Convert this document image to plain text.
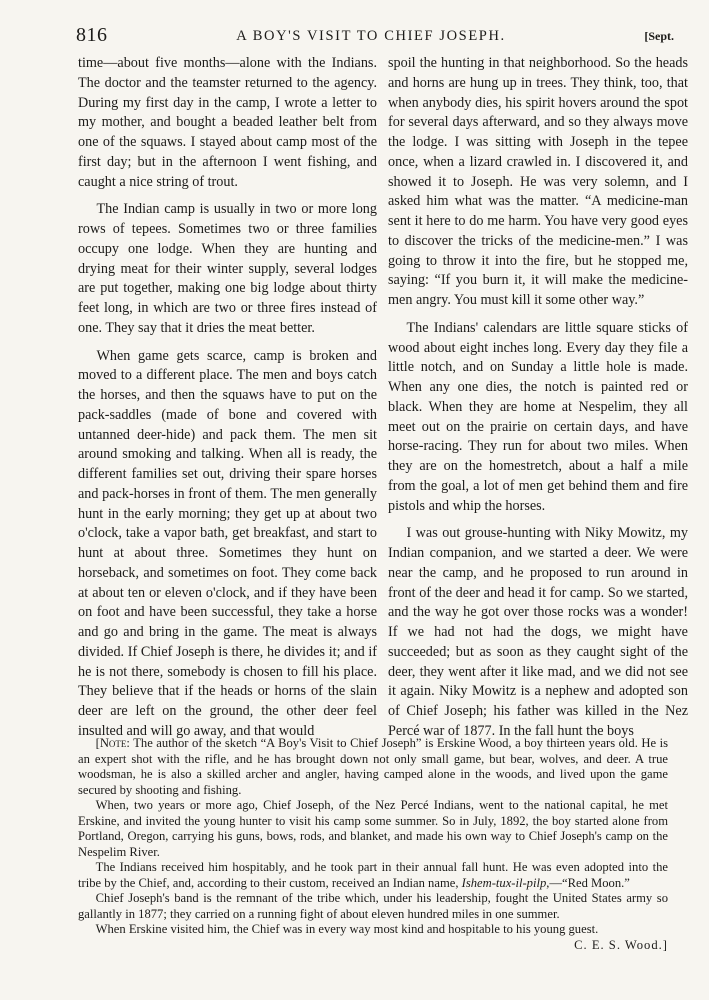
816	A BOY'S VISIT TO CHIEF JOSEPH.	[Sept.

time—about five months—alone with the Indians. The doctor and the teamster returned to the agency. During my first day in the camp, I wrote a letter to my mother, and bought a beaded leather belt from one of the squaws. I stayed about camp most of the first day; but in the afternoon I went fishing, and caught a nice string of trout.

The Indian camp is usually in two or more long rows of tepees. Sometimes two or three families occupy one lodge. When they are hunting and drying meat for their winter supply, several lodges are put together, making one big lodge about thirty feet long, in which are two or three fires instead of one. They say that it dries the meat better.

When game gets scarce, camp is broken and moved to a different place. The men and boys catch the horses, and then the squaws have to put on the pack-saddles (made of bone and covered with untanned deer-hide) and pack them. The men sit around smoking and talking. When all is ready, the different families set out, driving their spare horses and pack-horses in front of them. The men generally hunt in the early morning; they get up at about two o'clock, take a vapor bath, get breakfast, and start to hunt at about three. Sometimes they hunt on horseback, and sometimes on foot. They come back at about ten or eleven o'clock, and if they have been on foot and have been successful, they take a horse and go and bring in the game. The meat is always divided. If Chief Joseph is there, he divides it; and if he is not there, somebody is chosen to fill his place. They believe that if the heads or horns of the slain deer are left on the ground, the other deer feel insulted and will go away, and that would

spoil the hunting in that neighborhood. So the heads and horns are hung up in trees. They think, too, that when anybody dies, his spirit hovers around the spot for several days afterward, and so they always move the lodge. I was sitting with Joseph in the tepee once, when a lizard crawled in. I discovered it, and showed it to Joseph. He was very solemn, and I asked him what was the matter. “A medicine-man sent it here to do me harm. You have very good eyes to discover the tricks of the medicine-men.” I was going to throw it into the fire, but he stopped me, saying: “If you burn it, it will make the medicine-men angry. You must kill it some other way.”

The Indians' calendars are little square sticks of wood about eight inches long. Every day they file a little notch, and on Sunday a little hole is made. When any one dies, the notch is painted red or black. When they are home at Nespelim, they all meet out on the prairie on certain days, and have horse-racing. They run for about two miles. When they are on the homestretch, about a half a mile from the goal, a lot of men get behind them and fire pistols and whip the horses.

I was out grouse-hunting with Niky Mowitz, my Indian companion, and we started a deer. We were near the camp, and he proposed to run around in front of the deer and head it for camp. So we started, and the way he got over those rocks was a wonder! If we had not had the dogs, we might have succeeded; but as soon as they caught sight of the deer, they went after it like mad, and we did not see it again. Niky Mowitz is a nephew and adopted son of Chief Joseph; his father was killed in the Nez Percé war of 1877. In the fall hunt the boys

[Note: The author of the sketch “A Boy's Visit to Chief Joseph” is Erskine Wood, a boy thirteen years old. He is an expert shot with the rifle, and he has brought down not only small game, but bear, wolves, and deer. A true woodsman, he is also a skilled archer and angler, having camped alone in the woods, and lived upon the game secured by shooting and fishing.

When, two years or more ago, Chief Joseph, of the Nez Percé Indians, went to the national capital, he met Erskine, and invited the young hunter to visit his camp some summer. So in July, 1892, the boy started alone from Portland, Oregon, carrying his guns, bows, rods, and blanket, and made his own way to Chief Joseph's camp on the Nespelim River.

The Indians received him hospitably, and he took part in their annual fall hunt. He was even adopted into the tribe by the Chief, and, according to their custom, received an Indian name, Ishem-tux-il-pilp,—“Red Moon.”

Chief Joseph's band is the remnant of the tribe which, under his leadership, fought the United States army so gallantly in 1877; they carried on a running fight of about eleven hundred miles in one summer.

When Erskine visited him, the Chief was in every way most kind and hospitable to his young guest.

C. E. S. Wood.]
